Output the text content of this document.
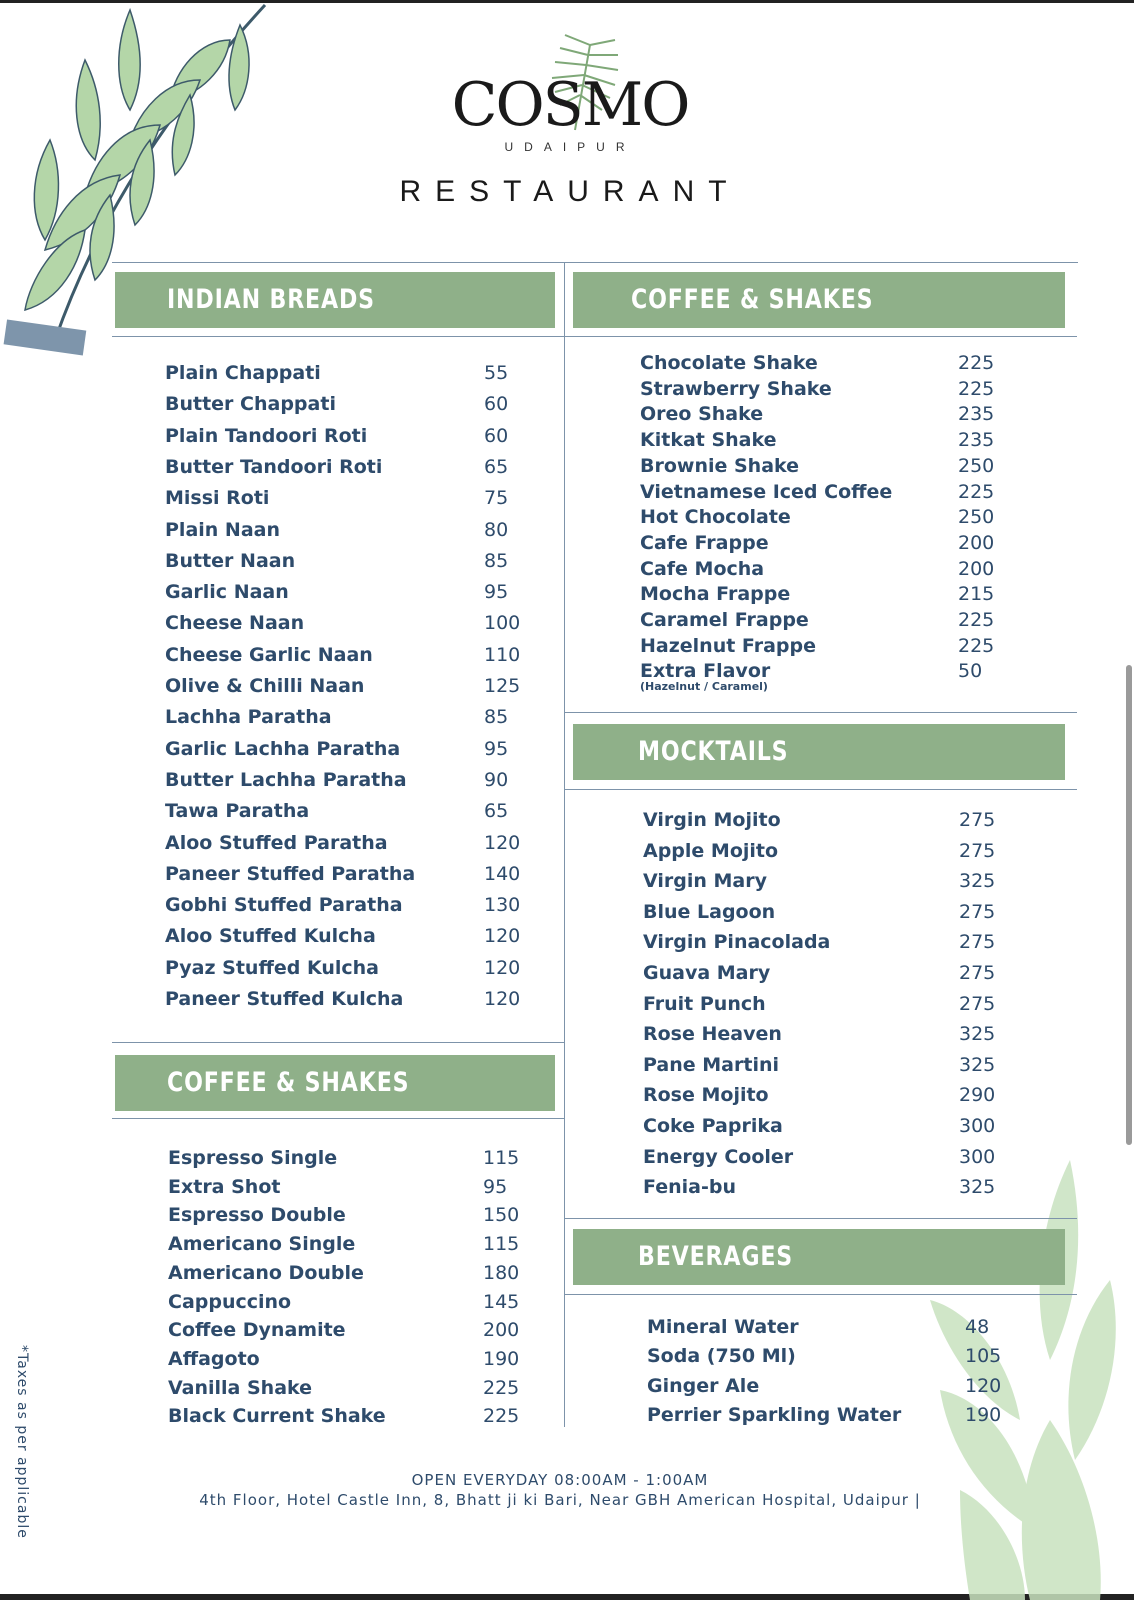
COSMO
UDAIPUR
RESTAURANT
INDIAN BREADS
COFFEE & SHAKES
COFFEE & SHAKES
MOCKTAILS
BEVERAGES
Plain Chappati	55
Butter Chappati	60
Plain Tandoori Roti	60
Butter Tandoori Roti	65
Missi Roti	75
Plain Naan	80
Butter Naan	85
Garlic Naan	95
Cheese Naan	100
Cheese Garlic Naan	110
Olive & Chilli Naan	125
Lachha Paratha	85
Garlic Lachha Paratha	95
Butter Lachha Paratha	90
Tawa Paratha	65
Aloo Stuffed Paratha	120
Paneer Stuffed Paratha	140
Gobhi Stuffed Paratha	130
Aloo Stuffed Kulcha	120
Pyaz Stuffed Kulcha	120
Paneer Stuffed Kulcha	120
Espresso Single	115
Extra Shot	95
Espresso Double	150
Americano Single	115
Americano Double	180
Cappuccino	145
Coffee Dynamite	200
Affagoto	190
Vanilla Shake	225
Black Current Shake	225
Chocolate Shake	225
Strawberry Shake	225
Oreo Shake	235
Kitkat Shake	235
Brownie Shake	250
Vietnamese Iced Coffee	225
Hot Chocolate	250
Cafe Frappe	200
Cafe Mocha	200
Mocha Frappe	215
Caramel Frappe	225
Hazelnut Frappe	225
Extra Flavor	50
Virgin Mojito	275
Apple Mojito	275
Virgin Mary	325
Blue Lagoon	275
Virgin Pinacolada	275
Guava Mary	275
Fruit Punch	275
Rose Heaven	325
Pane Martini	325
Rose Mojito	290
Coke Paprika	300
Energy Cooler	300
Fenia-bu	325
Mineral Water	48
Soda (750 Ml)	105
Ginger Ale	120
Perrier Sparkling Water	190
(Hazelnut / Caramel)
OPEN EVERYDAY 08:00AM - 1:00AM
4th Floor, Hotel Castle Inn, 8, Bhatt ji ki Bari, Near GBH American Hospital, Udaipur |
*Taxes as per applicable
